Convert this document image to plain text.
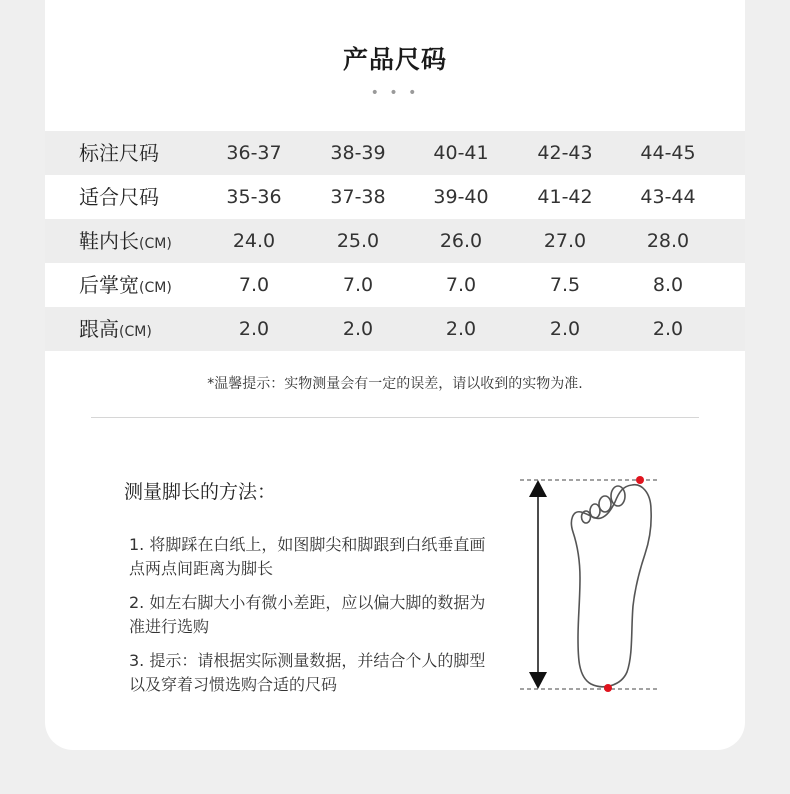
产品尺码
• • •
标注尺码	36-37	38-39	40-41	42-43	44-45
适合尺码	35-36	37-38	39-40	41-42	43-44
鞋内长(CM)	24.0	25.0	26.0	27.0	28.0
后掌宽(CM)	7.0	7.0	7.0	7.5	8.0
跟高(CM)	2.0	2.0	2.0	2.0	2.0
*温馨提示：实物测量会有一定的误差，请以收到的实物为准.
测量脚长的方法：
1. 将脚踩在白纸上，如图脚尖和脚跟到白纸垂直画点两点间距离为脚长
2. 如左右脚大小有微小差距，应以偏大脚的数据为准进行选购
3. 提示：请根据实际测量数据，并结合个人的脚型以及穿着习惯选购合适的尺码
